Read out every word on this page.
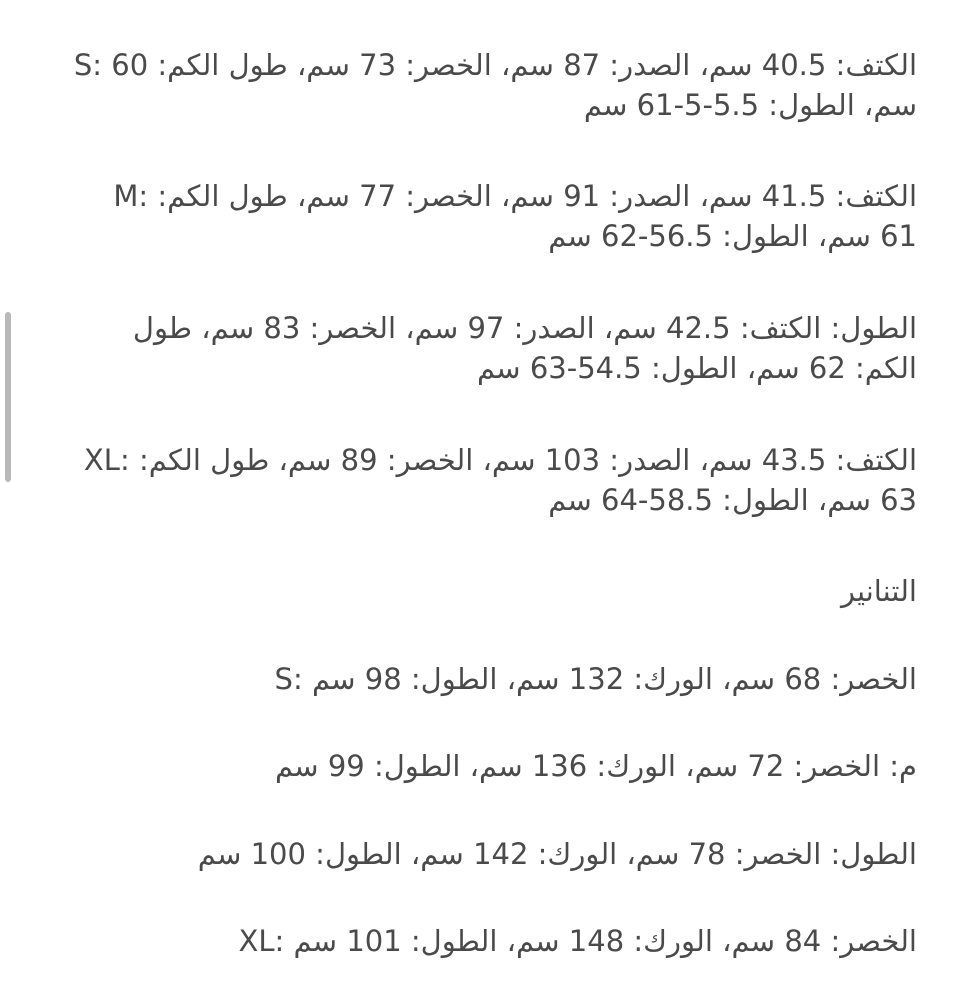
الكتف: 40.5 سم، الصدر: 87 سم، الخصر: 73 سم، طول الكم: 60 :S
سم، الطول: 5.5-5-61 سم

الكتف: 41.5 سم، الصدر: 91 سم، الخصر: 77 سم، طول الكم: :M
61 سم، الطول: 56.5-62 سم

الطول: الكتف: 42.5 سم، الصدر: 97 سم، الخصر: 83 سم، طول
الكم: 62 سم، الطول: 54.5-63 سم

الكتف: 43.5 سم، الصدر: 103 سم، الخصر: 89 سم، طول الكم: :XL
63 سم، الطول: 58.5-64 سم

التنانير

الخصر: 68 سم، الورك: 132 سم، الطول: 98 سم :S

م: الخصر: 72 سم، الورك: 136 سم، الطول: 99 سم

الطول: الخصر: 78 سم، الورك: 142 سم، الطول: 100 سم

الخصر: 84 سم، الورك: 148 سم، الطول: 101 سم :XL
